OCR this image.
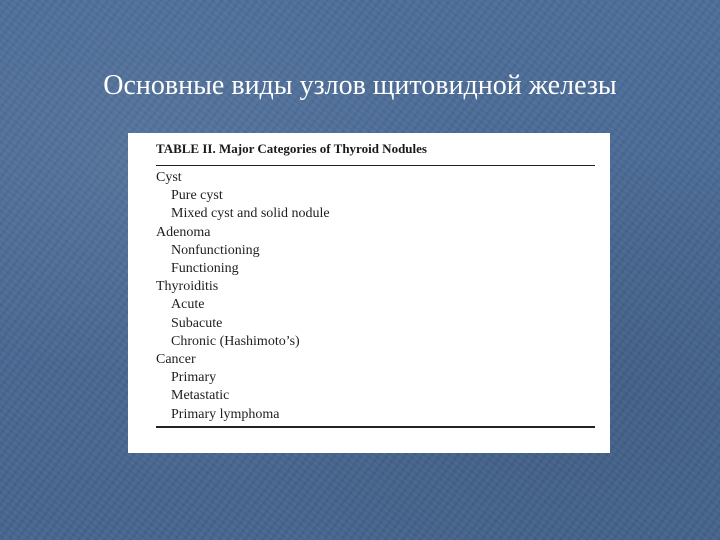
Основные виды узлов щитовидной железы
TABLE II. Major Categories of Thyroid Nodules
Cyst
Pure cyst
Mixed cyst and solid nodule
Adenoma
Nonfunctioning
Functioning
Thyroiditis
Acute
Subacute
Chronic (Hashimoto’s)
Cancer
Primary
Metastatic
Primary lymphoma
